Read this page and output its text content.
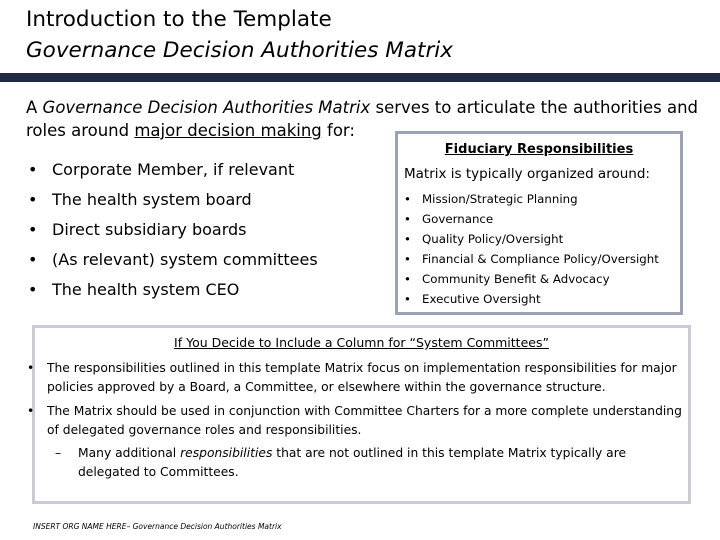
Introduction to the Template
Governance Decision Authorities Matrix
A Governance Decision Authorities Matrix serves to articulate the authorities and roles around major decision making for:
• Corporate Member, if relevant
• The health system board
• Direct subsidiary boards
• (As relevant) system committees
• The health system CEO
Fiduciary Responsibilities
Matrix is typically organized around:
• Mission/Strategic Planning
• Governance
• Quality Policy/Oversight
• Financial & Compliance Policy/Oversight
• Community Benefit & Advocacy
• Executive Oversight
If You Decide to Include a Column for “System Committees”
• The responsibilities outlined in this template Matrix focus on implementation responsibilities for major policies approved by a Board, a Committee, or elsewhere within the governance structure.
• The Matrix should be used in conjunction with Committee Charters for a more complete understanding of delegated governance roles and responsibilities.
– Many additional responsibilities that are not outlined in this template Matrix typically are delegated to Committees.
INSERT ORG NAME HERE– Governance Decision Authorities Matrix
